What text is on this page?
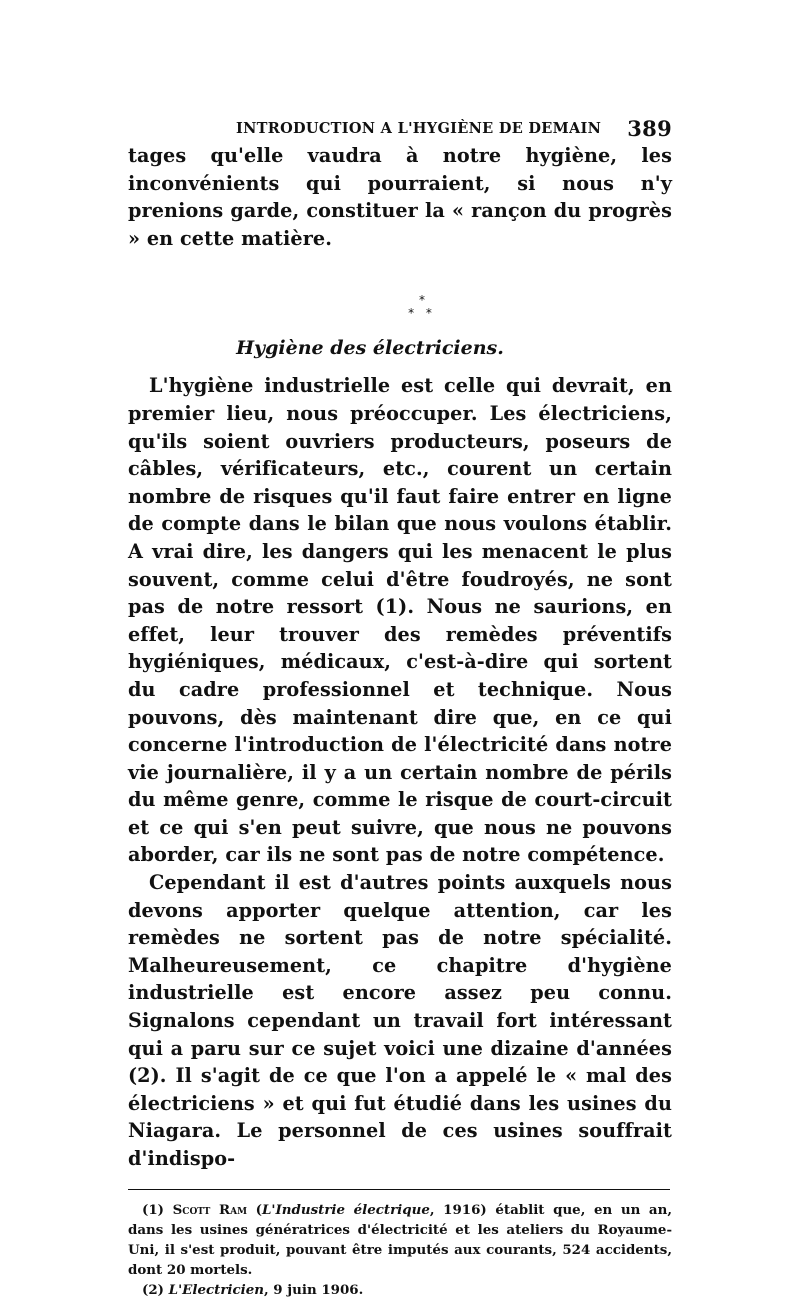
INTRODUCTION A L'HYGIÈNE DE DEMAIN 389

tages qu'elle vaudra à notre hygiène, les inconvénients qui pourraient, si nous n'y prenions garde, constituer la « rançon du progrès » en cette matière.

*
* *
Hygiène des électriciens.

L'hygiène industrielle est celle qui devrait, en premier lieu, nous préoccuper. Les électriciens, qu'ils soient ouvriers producteurs, poseurs de câbles, vérificateurs, etc., courent un certain nombre de risques qu'il faut faire entrer en ligne de compte dans le bilan que nous voulons établir. A vrai dire, les dangers qui les menacent le plus souvent, comme celui d'être foudroyés, ne sont pas de notre ressort (1). Nous ne saurions, en effet, leur trouver des remèdes préventifs hygiéniques, médicaux, c'est-à-dire qui sortent du cadre professionnel et technique. Nous pouvons, dès maintenant dire que, en ce qui concerne l'introduction de l'électricité dans notre vie journalière, il y a un certain nombre de périls du même genre, comme le risque de court-circuit et ce qui s'en peut suivre, que nous ne pouvons aborder, car ils ne sont pas de notre compétence.

Cependant il est d'autres points auxquels nous devons apporter quelque attention, car les remèdes ne sortent pas de notre spécialité. Malheureusement, ce chapitre d'hygiène industrielle est encore assez peu connu. Signalons cependant un travail fort intéressant qui a paru sur ce sujet voici une dizaine d'années (2). Il s'agit de ce que l'on a appelé le « mal des électriciens » et qui fut étudié dans les usines du Niagara. Le personnel de ces usines souffrait d'indispo-

(1) Scott Ram (L'Industrie électrique, 1916) établit que, en un an, dans les usines génératrices d'électricité et les ateliers du Royaume-Uni, il s'est produit, pouvant être imputés aux courants, 524 accidents, dont 20 mortels.

(2) L'Electricien, 9 juin 1906.
